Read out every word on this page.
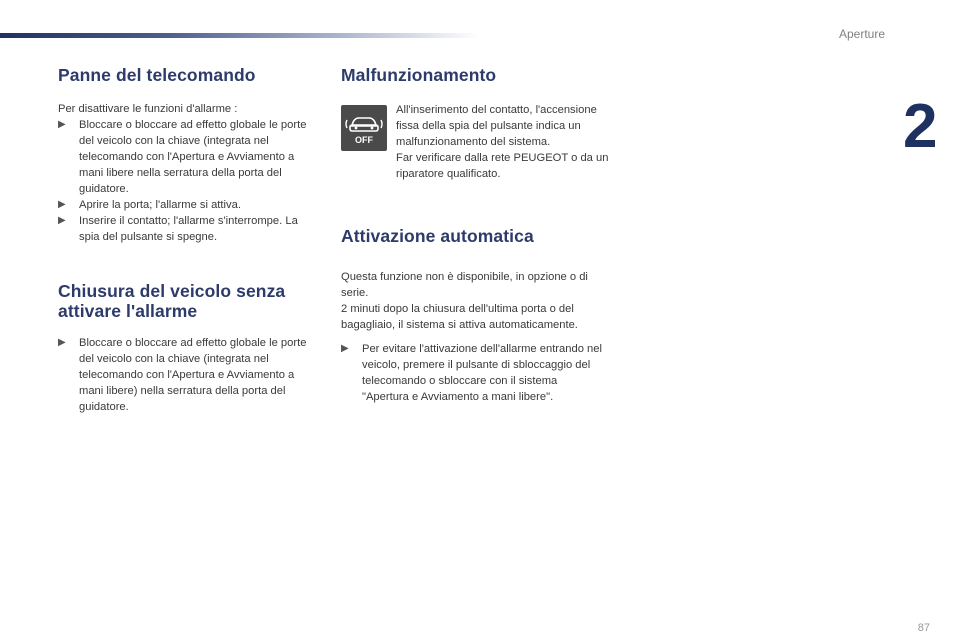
Aperture
2
Panne del telecomando

Per disattivare le funzioni d'allarme :

▶ Bloccare o bloccare ad effetto globale le porte del veicolo con la chiave (integrata nel telecomando con l'Apertura e Avviamento a mani libere nella serratura della porta del guidatore.
▶ Aprire la porta; l'allarme si attiva.
▶ Inserire il contatto; l'allarme s'interrompe. La spia del pulsante si spegne.
Chiusura del veicolo senza attivare l'allarme
▶ Bloccare o bloccare ad effetto globale le porte del veicolo con la chiave (integrata nel telecomando con l'Apertura e Avviamento a mani libere) nella serratura della porta del guidatore.
Malfunzionamento
OFF

All'inserimento del contatto, l'accensione fissa della spia del pulsante indica un malfunzionamento del sistema.

Far verificare dalla rete PEUGEOT o da un riparatore qualificato.

Attivazione automatica

Questa funzione non è disponibile, in opzione o di serie.

2 minuti dopo la chiusura dell'ultima porta o del bagagliaio, il sistema si attiva automaticamente.

▶ Per evitare l'attivazione dell'allarme entrando nel veicolo, premere il pulsante di sbloccaggio del telecomando o sbloccare con il sistema "Apertura e Avviamento a mani libere".
87
